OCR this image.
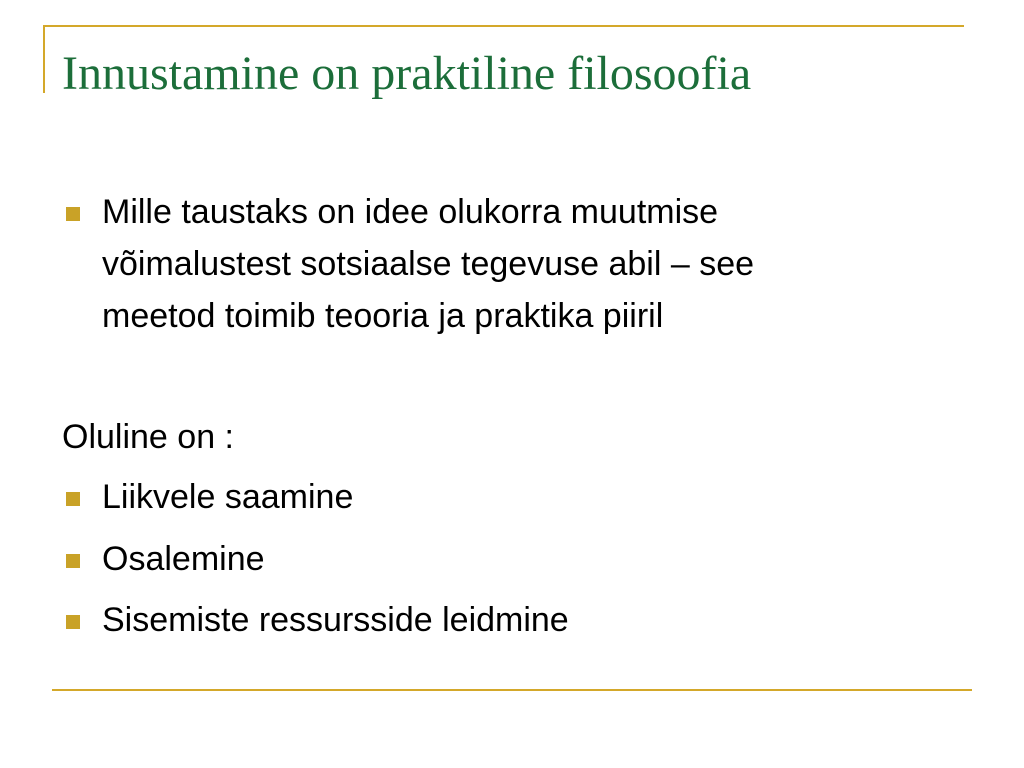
Innustamine on praktiline filosoofia
Mille taustaks on idee olukorra muutmise
võimalustest sotsiaalse tegevuse abil – see
meetod toimib teooria ja praktika piiril
Oluline on :
Liikvele saamine
Osalemine
Sisemiste ressursside leidmine
